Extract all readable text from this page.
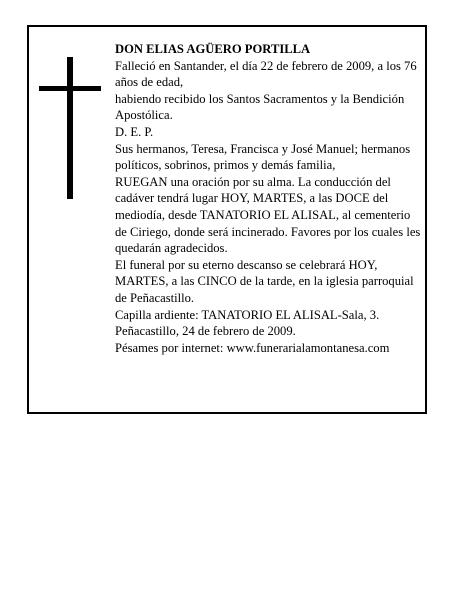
DON ELIAS AGÜERO PORTILLA

Falleció en Santander, el día 22 de febrero de 2009, a los 76 años de edad,

habiendo recibido los Santos Sacramentos y la Bendición Apostólica.

D. E. P.

Sus hermanos, Teresa, Francisca y José Manuel; hermanos políticos, sobrinos, primos y demás familia,

RUEGAN una oración por su alma. La conducción del cadáver tendrá lugar HOY, MARTES, a las DOCE del mediodía, desde TANATORIO EL ALISAL, al cementerio de Ciriego, donde será incinerado. Favores por los cuales les quedarán agradecidos.

El funeral por su eterno descanso se celebrará HOY, MARTES, a las CINCO de la tarde, en la iglesia parroquial de Peñacastillo.

Capilla ardiente: TANATORIO EL ALISAL-Sala, 3.

Peñacastillo, 24 de febrero de 2009.

Pésames por internet: www.funerarialamontanesa.com
